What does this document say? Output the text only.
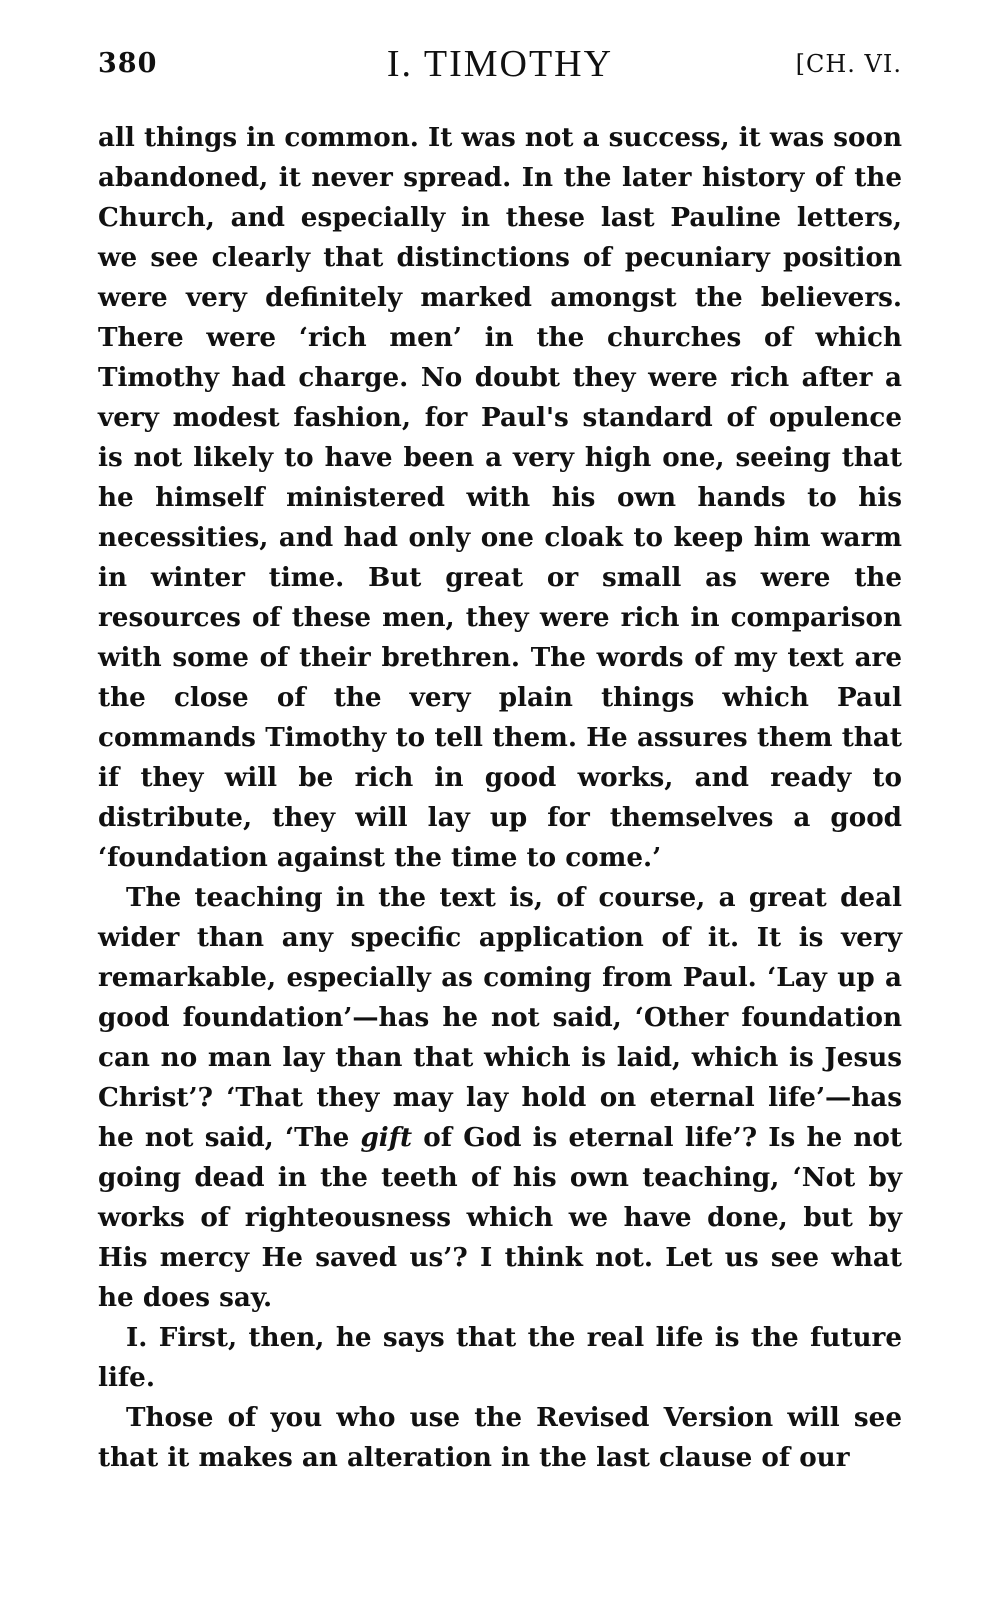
380	I. TIMOTHY	[CH. VI.

all things in common. It was not a success, it was soon abandoned, it never spread. In the later history of the Church, and especially in these last Pauline letters, we see clearly that distinctions of pecuniary position were very definitely marked amongst the believers. There were ‘rich men’ in the churches of which Timothy had charge. No doubt they were rich after a very modest fashion, for Paul's standard of opulence is not likely to have been a very high one, seeing that he himself ministered with his own hands to his necessities, and had only one cloak to keep him warm in winter time. But great or small as were the resources of these men, they were rich in comparison with some of their brethren. The words of my text are the close of the very plain things which Paul commands Timothy to tell them. He assures them that if they will be rich in good works, and ready to distribute, they will lay up for themselves a good ‘foundation against the time to come.’

The teaching in the text is, of course, a great deal wider than any specific application of it. It is very remarkable, especially as coming from Paul. ‘Lay up a good foundation’—has he not said, ‘Other foundation can no man lay than that which is laid, which is Jesus Christ’? ‘That they may lay hold on eternal life’—has he not said, ‘The gift of God is eternal life’? Is he not going dead in the teeth of his own teaching, ‘Not by works of righteousness which we have done, but by His mercy He saved us’? I think not. Let us see what he does say.

I. First, then, he says that the real life is the future life.

Those of you who use the Revised Version will see that it makes an alteration in the last clause of our
